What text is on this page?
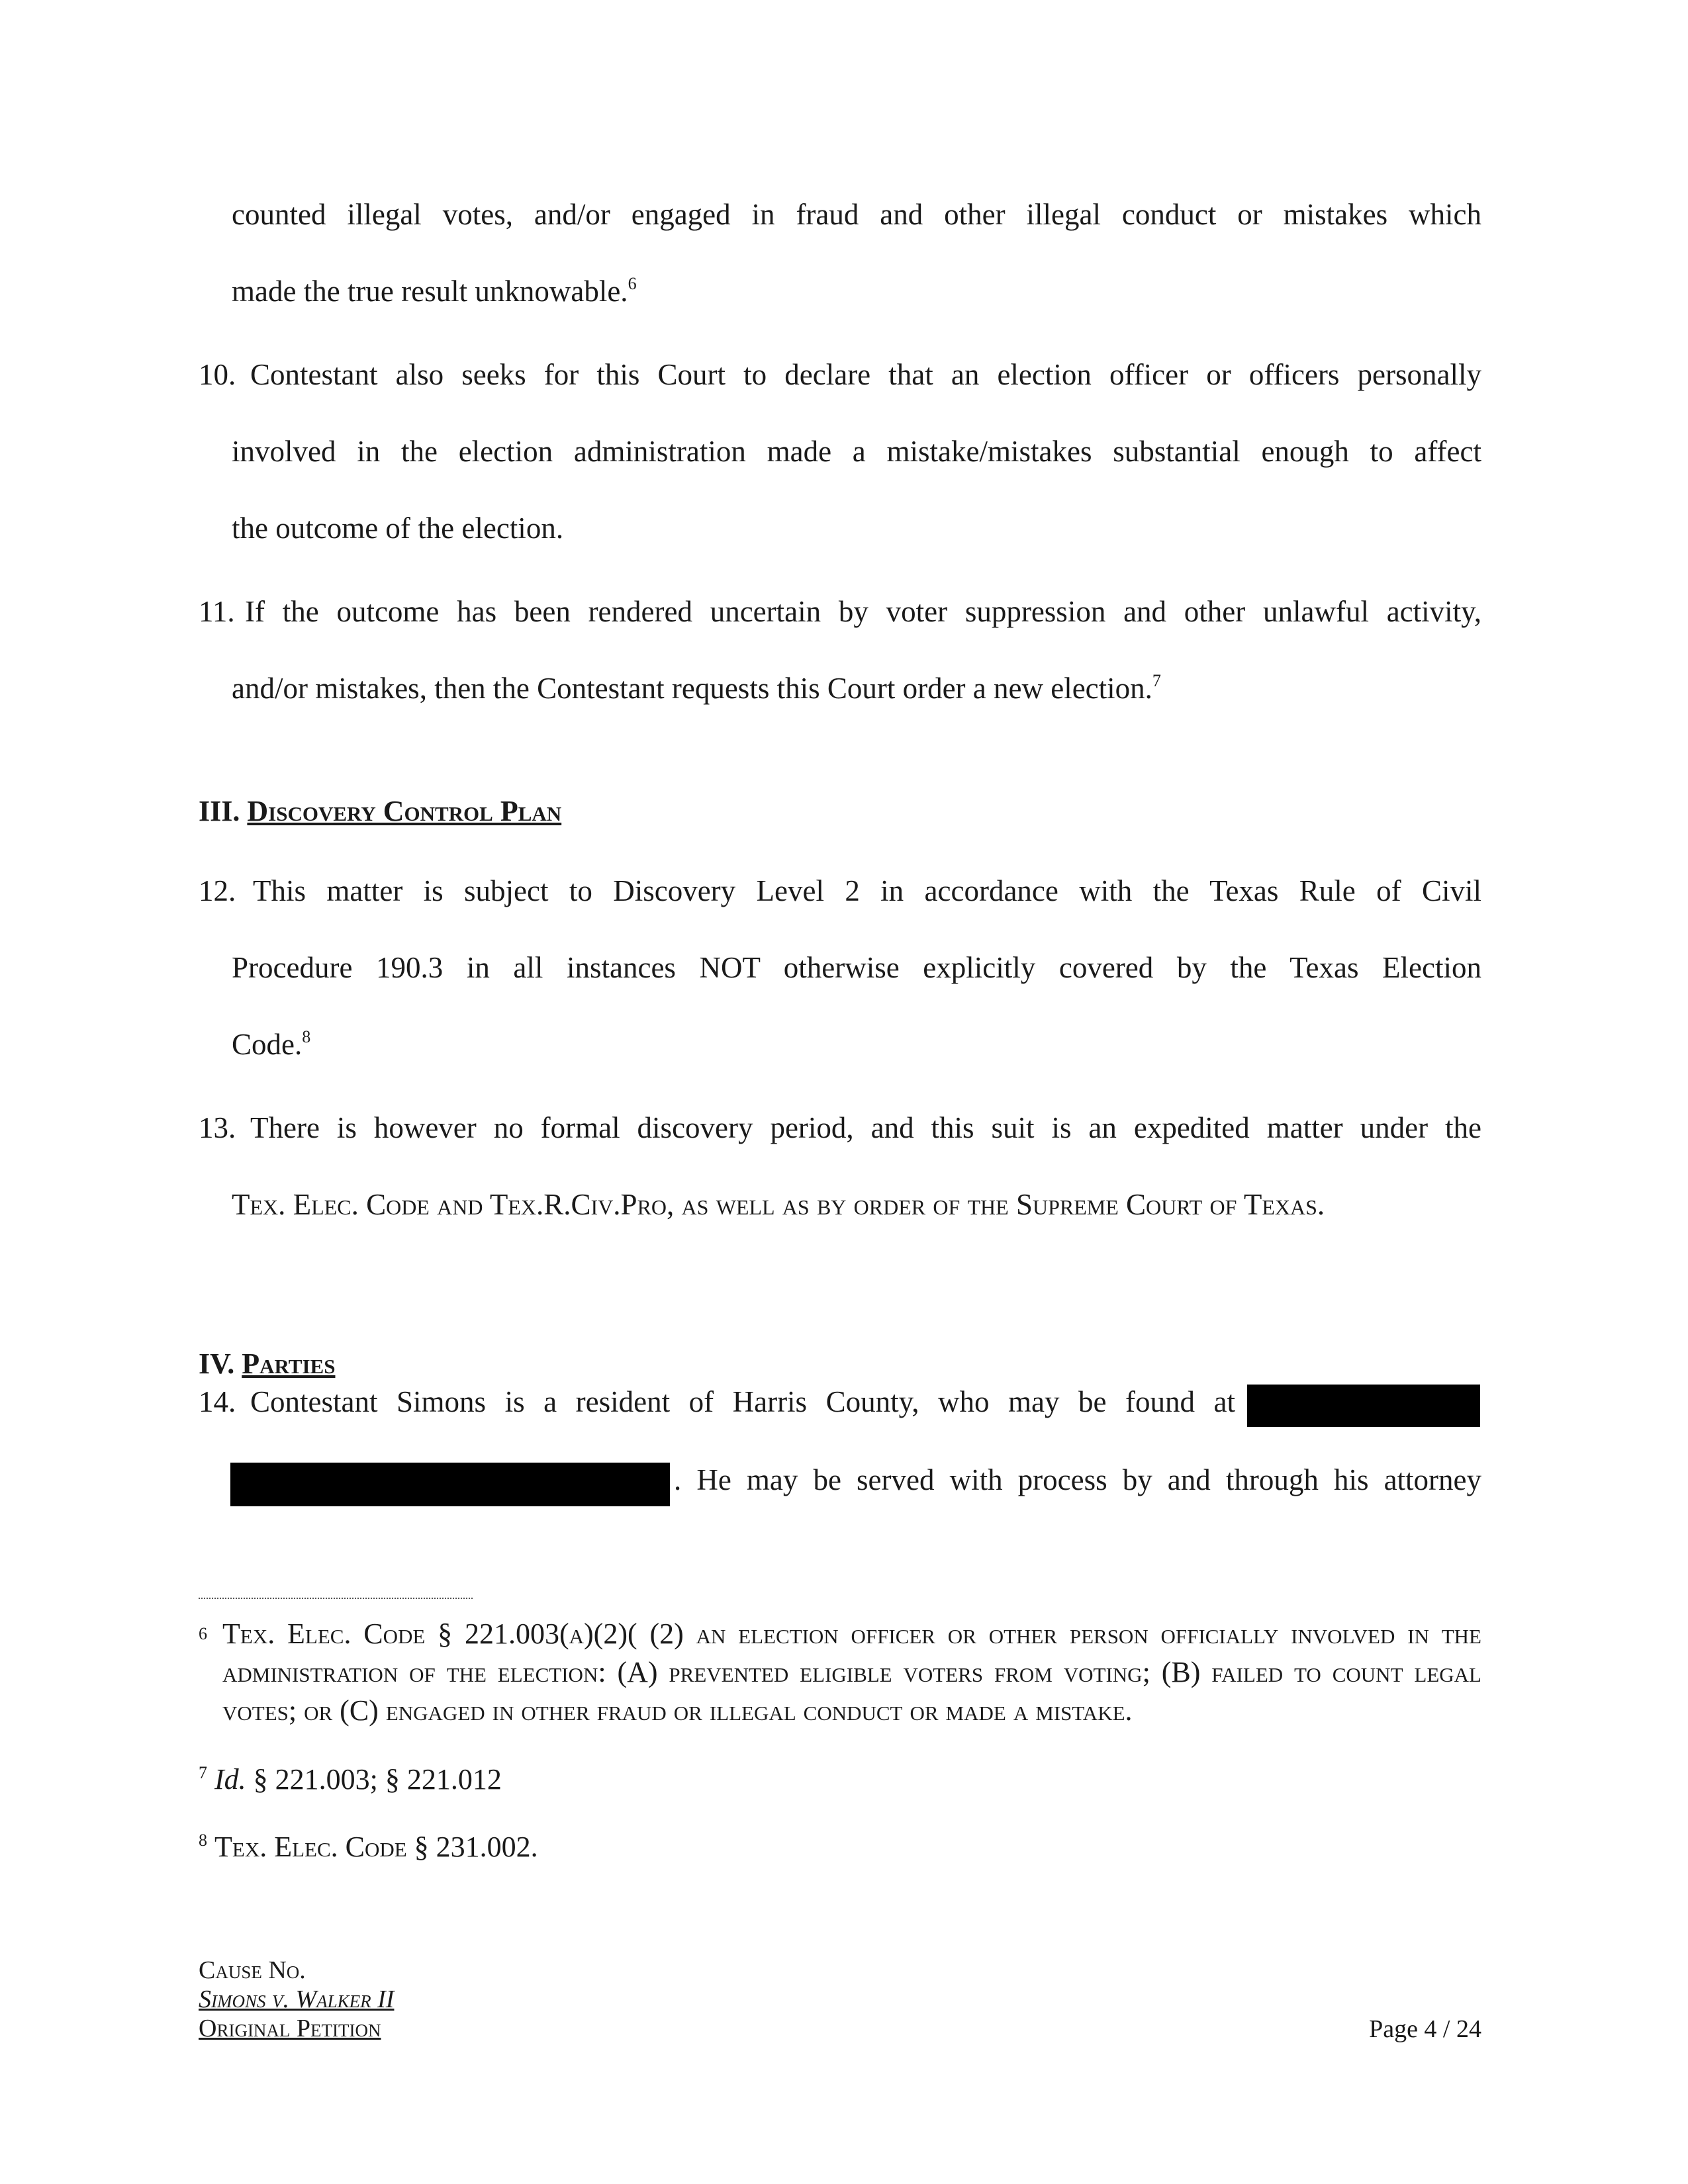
counted illegal votes, and/or engaged in fraud and other illegal conduct or mistakes which
made the true result unknowable.$^6$
10. Contestant also seeks for this Court to declare that an election officer or officers personally
involved in the election administration made a mistake/mistakes substantial enough to affect
the outcome of the election.
11. If the outcome has been rendered uncertain by voter suppression and other unlawful activity,
and/or mistakes, then the Contestant requests this Court order a new election.$^7$
III. Discovery Control Plan
12. This matter is subject to Discovery Level 2 in accordance with the Texas Rule of Civil
Procedure 190.3 in all instances NOT otherwise explicitly covered by the Texas Election
Code.$^8$
13. There is however no formal discovery period, and this suit is an expedited matter under the
Tex. Elec. Code and Tex.R.Civ.Pro, as well as by order of the Supreme Court of Texas.
IV. Parties
14. Contestant Simons is a resident of Harris County, who may be found at
. He may be served with process by and through his attorney
6 Tex. Elec. Code § 221.003(a)(2)( (2) an election officer or other person officially involved in the administration of the election: (A) prevented eligible voters from voting; (B) failed to count legal votes; or (C) engaged in other fraud or illegal conduct or made a mistake.
$^7$ Id. § 221.003; § 221.012
$^8$ Tex. Elec. Code § 231.002.
Cause No.
Simons v. Walker II
Original Petition	Page 4 / 24
